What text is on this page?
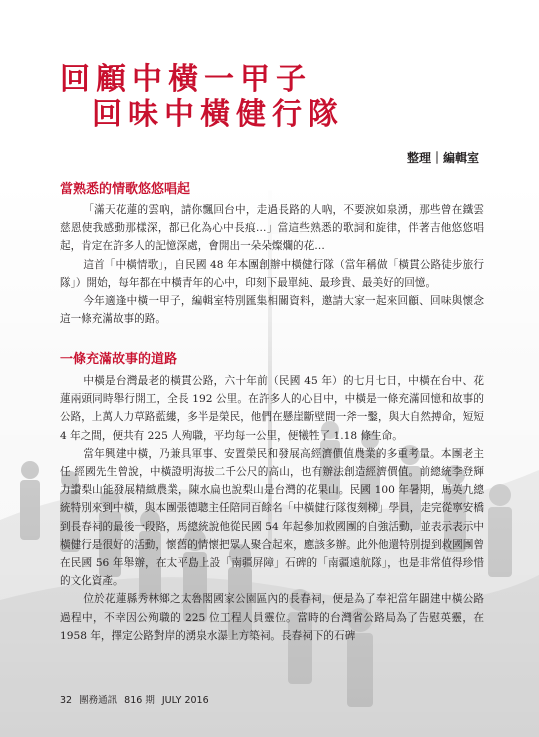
回顧中橫一甲子
回味中橫健行隊
整理｜編輯室
當熟悉的情歌悠悠唱起

「滿天花蓮的雲吶，請你飄回台中，走過長路的人吶，不要淚如泉湧，那些曾在鐵雲慈恩使我感動那樣深，都已化為心中長痕…」當這些熟悉的歌詞和旋律，伴著吉他悠悠唱起，肯定在許多人的記憶深處，會開出一朵朵燦爛的花…

這首「中橫情歌」，自民國 48 年本團創辦中橫健行隊（當年稱做「橫貫公路徒步旅行隊」）開始，每年都在中橫青年的心中，印刻下最單純、最珍貴、最美好的回憶。

今年適逢中橫一甲子，編輯室特別匯集相關資料，邀請大家一起來回顧、回味與懷念這一條充滿故事的路。

一條充滿故事的道路

中橫是台灣最老的橫貫公路，六十年前（民國 45 年）的七月七日，中橫在台中、花蓮兩頭同時舉行開工，全長 192 公里。在許多人的心目中，中橫是一條充滿回憶和故事的公路，上萬人力草路藍縷，多半是榮民，他們在懸崖斷壁間一斧一鑿，與大自然搏命，短短 4 年之間，便共有 225 人殉職，平均每一公里，便犧牲了 1.18 條生命。

當年興建中橫，乃兼具軍事、安置榮民和發展高經濟價值農業的多重考量。本團老主任 經國先生曾說，中橫證明海拔二千公尺的高山，也有辦法創造經濟價值。前總統李登輝力讚梨山能發展精緻農業，陳水扁也說梨山是台灣的花果山。民國 100 年暑期，馬英九總統特別來到中橫，與本團張德聰主任陪同百餘名「中橫健行隊復刻梯」學員，走完從寧安橋到長春祠的最後一段路，馬總統說他從民國 54 年起參加救國團的自強活動，並表示表示中橫健行是很好的活動，懷舊的情懷把眾人聚合起來，應該多辦。此外他還特別提到救國團曾在民國 56 年舉辦，在太平島上設「南疆屏障」石碑的「南疆遠航隊」，也是非常值得珍惜的文化資產。

位於花蓮縣秀林鄉之太魯閣國家公園區內的長春祠，便是為了奉祀當年闢建中橫公路過程中，不幸因公殉職的 225 位工程人員靈位。當時的台灣省公路局為了告慰英靈，在 1958 年，擇定公路對岸的湧泉水瀑上方築祠。長春祠下的石碑

32 團務通訊 816 期 JULY 2016
